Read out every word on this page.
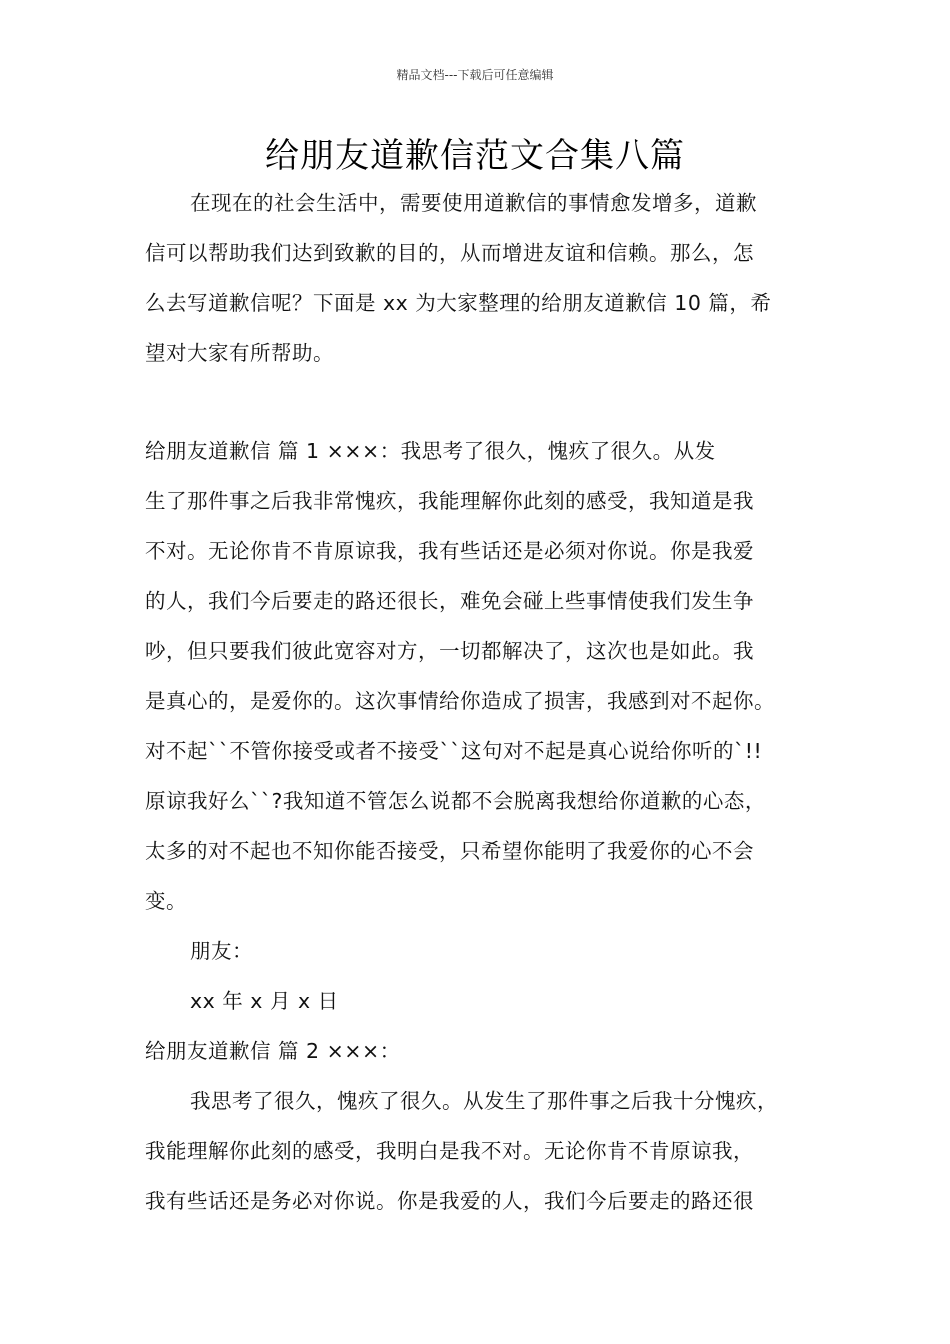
精品文档---下载后可任意编辑
给朋友道歉信范文合集八篇

在现在的社会生活中，需要使用道歉信的事情愈发增多，道歉

信可以帮助我们达到致歉的目的，从而增进友谊和信赖。那么，怎

么去写道歉信呢？下面是 xx 为大家整理的给朋友道歉信 10 篇，希

望对大家有所帮助。

给朋友道歉信 篇 1 ×××：我思考了很久，愧疚了很久。从发

生了那件事之后我非常愧疚，我能理解你此刻的感受，我知道是我

不对。无论你肯不肯原谅我，我有些话还是必须对你说。你是我爱

的人，我们今后要走的路还很长，难免会碰上些事情使我们发生争

吵，但只要我们彼此宽容对方，一切都解决了，这次也是如此。我

是真心的，是爱你的。这次事情给你造成了损害，我感到对不起你。

对不起``不管你接受或者不接受``这句对不起是真心说给你听的`!!

原谅我好么``?我知道不管怎么说都不会脱离我想给你道歉的心态，

太多的对不起也不知你能否接受，只希望你能明了我爱你的心不会

变。

朋友：

xx 年 x 月 x 日

给朋友道歉信 篇 2 ×××：

我思考了很久，愧疚了很久。从发生了那件事之后我十分愧疚，

我能理解你此刻的感受，我明白是我不对。无论你肯不肯原谅我，

我有些话还是务必对你说。你是我爱的人，我们今后要走的路还很
